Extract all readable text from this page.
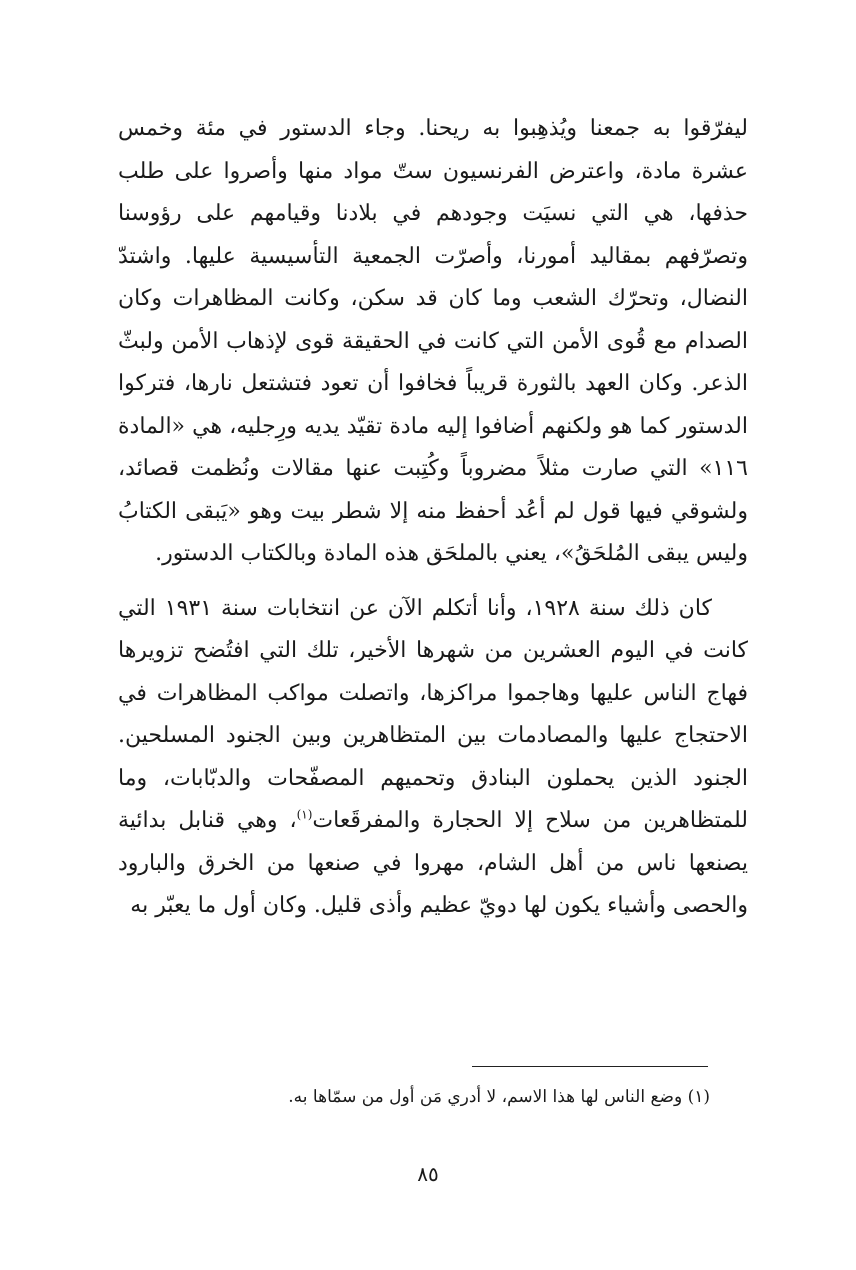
ليفرّقوا به جمعنا ويُذهِبوا به ريحنا. وجاء الدستور في مئة وخمس عشرة مادة، واعترض الفرنسيون ستّ مواد منها وأصروا على طلب حذفها، هي التي نسيَت وجودهم في بلادنا وقيامهم على رؤوسنا وتصرّفهم بمقاليد أمورنا، وأصرّت الجمعية التأسيسية عليها. واشتدّ النضال، وتحرّك الشعب وما كان قد سكن، وكانت المظاهرات وكان الصدام مع قُوى الأمن التي كانت في الحقيقة قوى لإذهاب الأمن ولبثّ الذعر. وكان العهد بالثورة قريباً فخافوا أن تعود فتشتعل نارها، فتركوا الدستور كما هو ولكنهم أضافوا إليه مادة تقيّد يديه ورِجليه، هي «المادة ١١٦» التي صارت مثلاً مضروباً وكُتِبت عنها مقالات ونُظمت قصائد، ولشوقي فيها قول لم أعُد أحفظ منه إلا شطر بيت وهو «يَبقى الكتابُ وليس يبقى المُلحَقُ»، يعني بالملحَق هذه المادة وبالكتاب الدستور.

كان ذلك سنة ١٩٢٨، وأنا أتكلم الآن عن انتخابات سنة ١٩٣١ التي كانت في اليوم العشرين من شهرها الأخير، تلك التي افتُضح تزويرها فهاج الناس عليها وهاجموا مراكزها، واتصلت مواكب المظاهرات في الاحتجاج عليها والمصادمات بين المتظاهرين وبين الجنود المسلحين. الجنود الذين يحملون البنادق وتحميهم المصفّحات والدبّابات، وما للمتظاهرين من سلاح إلا الحجارة والمفرقَعات$^{(١)}$، وهي قنابل بدائية يصنعها ناس من أهل الشام، مهروا في صنعها من الخرق والبارود والحصى وأشياء يكون لها دويّ عظيم وأذى قليل. وكان أول ما يعبّر به

(١) وضع الناس لها هذا الاسم، لا أدري مَن أول من سمّاها به.

٨٥
